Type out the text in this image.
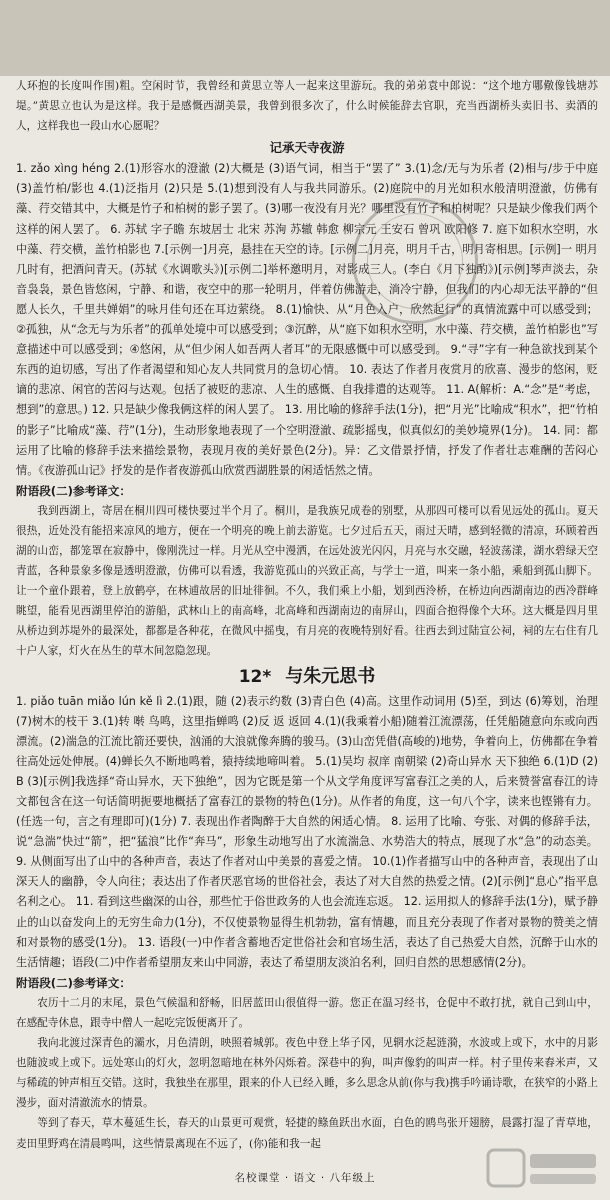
人环抱的长度叫作围)粗。空闲时节，我曾经和黄思立等人一起来这里游玩。我的弟弟袁中郎说：“这个地方哪儆像钱塘苏堤。”黄思立也认为是这样。我于是感慨西湖美景，我曾到很多次了，什么时候能辞去官职，充当西湖桥头卖旧书、卖酒的人，这样我也一段山水心愿呢？

记承天寺夜游

1. zǎo xìng héng 2.(1)形容水的澄澈 (2)大概是 (3)语气词，相当于“罢了” 3.(1)念/无与为乐者 (2)相与/步于中庭 (3)盖竹柏/影也 4.(1)泛指月 (2)只是 5.(1)想到没有人与我共同游乐。(2)庭院中的月光如积水般清明澄澈，仿佛有藻、荇交错其中，大概是竹子和柏树的影子罢了。(3)哪一夜没有月光？哪里没有竹子和柏树呢？只是缺少像我们两个这样的闲人罢了。 6. 苏轼 字子瞻 东坡居士 北宋 苏洵 苏辙 韩愈 柳宗元 王安石 曾巩 欧阳修 7. 庭下如积水空明，水中藻、荇交横，盖竹柏影也 7.[示例一]月亮，悬挂在天空的诗。[示例二]月亮，明月千古，明月寄相思。[示例]一 明月几时有，把酒问青天。(苏轼《水调歌头》)[示例二]举杯邀明月，对影成三人。(李白《月下独酌》)[示例]琴声淡去，杂音袅袅，景色皆悠闲，宁静、和谐，夜空中的那一轮明月，伴着仿佛游走，淌冷宁静，但我们的内心却无法平静的“但愿人长久，千里共婵娟”的咏月佳句还在耳边萦绕。 8.(1)愉快、从“月色入户，欣然起行”的真情流露中可以感受到；②孤独，从“念无与为乐者”的孤单处境中可以感受到；③沉醉，从“庭下如积水空明，水中藻、荇交横，盖竹柏影也”写意描述中可以感受到；④悠闲，从“但少闲人如吾两人者耳”的无限感慨中可以感受到。 9.“寻”字有一种急欲找到某个东西的迫切感，写出了作者渴望和知心友人共同赏月的急切心情。 10. 表达了作者月夜赏月的欣喜、漫步的悠闲，贬谪的悲凉、闲官的苦闷与达观。包括了被贬的悲凉、人生的感慨、自我排遣的达观等。 11. A(解析：A.“念”是“考虑，想到”的意思。) 12. 只是缺少像我俩这样的闲人罢了。 13. 用比喻的修辞手法(1分)，把“月光”比喻成“积水”，把“竹柏的影子”比喻成“藻、荇”(1分)，生动形象地表现了一个空明澄澈、疏影摇曳，似真似幻的美妙境界(1分)。 14. 同：都运用了比喻的修辞手法来描绘景物，表现月夜的美好景色(2分)。异：乙文借景抒情，抒发了作者壮志难酬的苦闷心情。《夜游孤山记》抒发的是作者夜游孤山欣赏西湖胜景的闲适恬然之情。

附语段(二)参考译文：

我到西湖上，寄居在桐川四可楼快要过半个月了。桐川，是我族兄成卷的别墅，从那四可楼可以看见远处的孤山。夏天很热，近处没有能招来凉风的地方，便在一个明亮的晚上前去游览。七夕过后五天，雨过天晴，感到轻微的清凉，环顾着西湖的山峦，都笼罩在寂静中，像刚洗过一样。月光从空中漫洒，在远处波光闪闪，月亮与水交融，轻波荡漾，湖水碧绿天空青蓝，各种景象多像是透明澄澈，仿佛可以看透，我游览孤山的兴致正高，与学士一道，叫来一条小船，乘船到孤山脚下。让一个童仆跟着，登上放鹤亭，在林逋故居的旧址徘徊。不久，我们乘上小船，划到西泠桥，在桥边向西湖南边的西冷群峰眺望，能看见西湖里停泊的游船，武林山上的南高峰，北高峰和西湖南边的南屏山，四面合抱得像个大环。这大概是四月里从桥边到苏堤外的最深处，都都是各种花，在微风中摇曳，有月亮的夜晚特别好看。往西去到过陆宣公祠，祠的左右住有几十户人家，灯火在丛生的草木间忽隐忽现。

12* 与朱元思书

1. piǎo tuān miǎo lún kě lì 2.(1)跟，随 (2)表示约数 (3)青白色 (4)高。这里作动词用 (5)至，到达 (6)筹划，治理 (7)树木的枝干 3.(1)转 啭 鸟鸣，这里指蝉鸣 (2)反 返 返回 4.(1)(我乘着小船)随着江流漂荡，任凭船随意向东或向西漂流。(2)湍急的江流比箭还要快，汹涌的大浪就像奔腾的骏马。(3)山峦凭借(高峻的)地势，争着向上，仿佛都在争着往高处远处伸展。(4)蝉长久不断地鸣着，猿持续地啼叫着。 5.(1)吴均 叔庠 南朝梁 (2)奇山异水 天下独绝 6.(1)D (2)B (3)[示例]我选择“奇山异水，天下独绝”，因为它既是第一个从文学角度评写富春江之美的人，后来赞誉富春江的诗文都包含在这一句话简明扼要地概括了富春江的景物的特色(1分)。从作者的角度，这一句八个字，读来也铿锵有力。(任选一句，言之有理即可)(1分) 7. 表现出作者陶醉于大自然的闲适心情。 8. 运用了比喻、夸张、对偶的修辞手法，说“急湍”快过“箭”，把“猛浪”比作“奔马”，形象生动地写出了水流湍急、水势浩大的特点，展现了水“急”的动态美。 9. 从侧面写出了山中的各种声音，表达了作者对山中美景的喜爱之情。 10.(1)作者描写山中的各种声音，表现出了山深天人的幽静，令人向往；表达出了作者厌恶官场的世俗社会，表达了对大自然的热爱之情。(2)[示例]“息心”指平息名利之心。 11. 看到这些幽深的山谷，那些忙于俗世政务的人也会流连忘返。 12. 运用拟人的修辞手法(1分)，赋予静止的山以奋发向上的无穷生命力(1分)，不仅使景物显得生机勃勃，富有情趣，而且充分表现了作者对景物的赞美之情和对景物的感受(1分)。 13. 语段(一)中作者含蓄地否定世俗社会和官场生活，表达了自己热爱大自然，沉醉于山水的生活情趣；语段(二)中作者希望朋友来山中同游，表达了希望朋友淡泊名利，回归自然的思想感情(2分)。

附语段(二)参考译文：

农历十二月的末尾，景色气候温和舒畅，旧居蓝田山很值得一游。您正在温习经书，仓促中不敢打扰，就自己到山中，在感配寺休息，跟寺中僧人一起吃完饭便离开了。

我向北渡过深青色的灞水，月色清朗，映照着城郭。夜色中登上华子冈，见辋水泛起涟漪，水波或上或下，水中的月影也随波或上或下。远处寒山的灯火，忽明忽暗地在林外闪烁着。深巷中的狗，叫声像豹的叫声一样。村子里传来舂米声，又与稀疏的钟声相互交错。这时，我独坐在那里，跟来的仆人已经入睡，多么思念从前(你与我)携手吟诵诗歌，在狭窄的小路上漫步，面对清澈流水的情景。

等到了春天，草木蔓延生长，春天的山景更可观赏，轻捷的鲦鱼跃出水面，白色的鸥鸟张开翅膀，晨露打湿了青草地，麦田里野鸡在清晨鸣叫，这些情景离现在不远了，(你)能和我一起

名校课堂 · 语文 · 八年级上
